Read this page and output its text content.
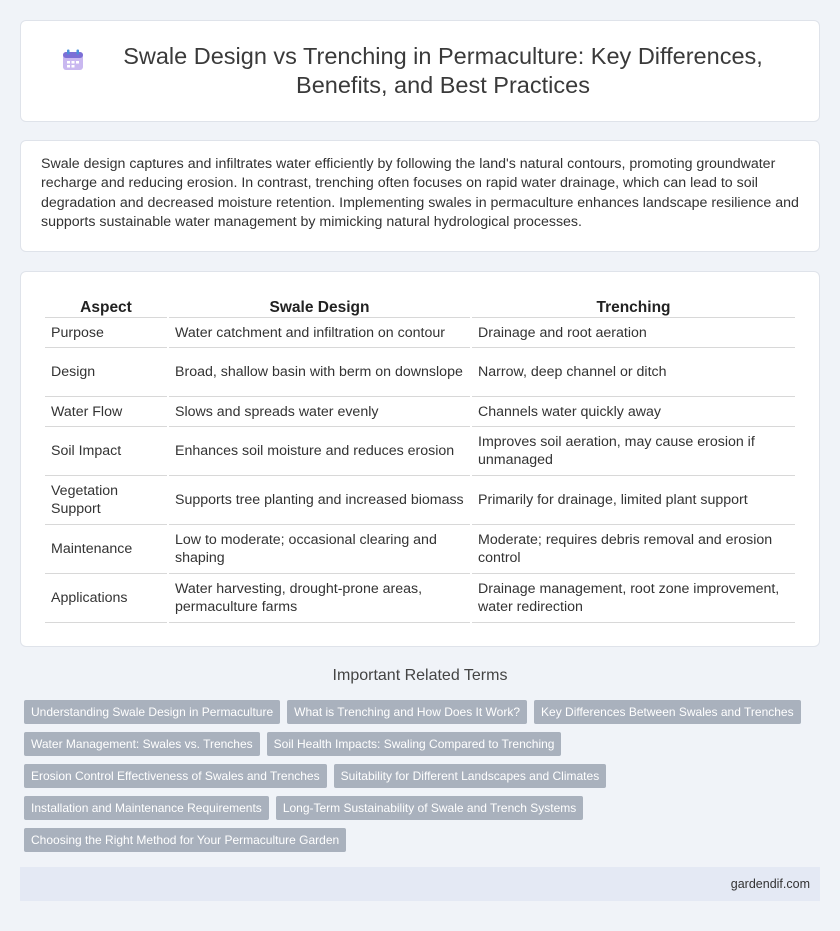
Swale Design vs Trenching in Permaculture: Key Differences, Benefits, and Best Practices

Swale design captures and infiltrates water efficiently by following the land's natural contours, promoting groundwater recharge and reducing erosion. In contrast, trenching often focuses on rapid water drainage, which can lead to soil degradation and decreased moisture retention. Implementing swales in permaculture enhances landscape resilience and supports sustainable water management by mimicking natural hydrological processes.

Aspect	Swale Design	Trenching
Purpose	Water catchment and infiltration on contour	Drainage and root aeration
Design	Broad, shallow basin with berm on downslope	Narrow, deep channel or ditch
Water Flow	Slows and spreads water evenly	Channels water quickly away
Soil Impact	Enhances soil moisture and reduces erosion	Improves soil aeration, may cause erosion if unmanaged
Vegetation Support	Supports tree planting and increased biomass	Primarily for drainage, limited plant support
Maintenance	Low to moderate; occasional clearing and shaping	Moderate; requires debris removal and erosion control
Applications	Water harvesting, drought-prone areas, permaculture farms	Drainage management, root zone improvement, water redirection
Important Related Terms
Understanding Swale Design in Permaculture	What is Trenching and How Does It Work?	Key Differences Between Swales and Trenches
Water Management: Swales vs. Trenches	Soil Health Impacts: Swaling Compared to Trenching
Erosion Control Effectiveness of Swales and Trenches	Suitability for Different Landscapes and Climates
Installation and Maintenance Requirements	Long-Term Sustainability of Swale and Trench Systems
Choosing the Right Method for Your Permaculture Garden
gardendif.com
